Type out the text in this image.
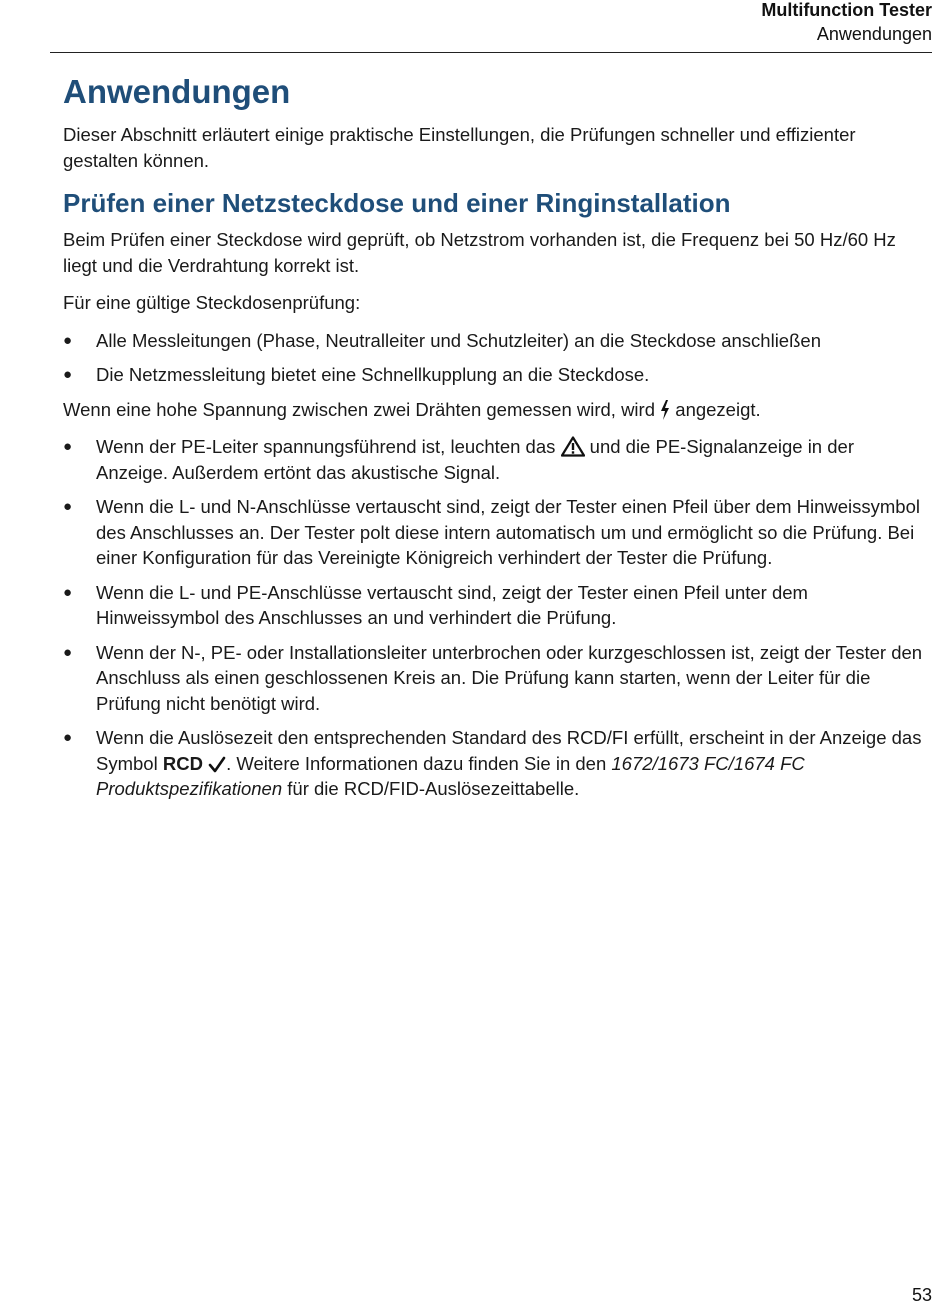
Multifunction Tester
Anwendungen
Anwendungen

Dieser Abschnitt erläutert einige praktische Einstellungen, die Prüfungen schneller und effizienter gestalten können.

Prüfen einer Netzsteckdose und einer Ringinstallation

Beim Prüfen einer Steckdose wird geprüft, ob Netzstrom vorhanden ist, die Frequenz bei 50 Hz/60 Hz liegt und die Verdrahtung korrekt ist.

Für eine gültige Steckdosenprüfung:

● Alle Messleitungen (Phase, Neutralleiter und Schutzleiter) an die Steckdose anschließen
● Die Netzmessleitung bietet eine Schnellkupplung an die Steckdose.

Wenn eine hohe Spannung zwischen zwei Drähten gemessen wird, wird angezeigt.

● Wenn der PE-Leiter spannungsführend ist, leuchten das und die PE-Signalanzeige in der Anzeige. Außerdem ertönt das akustische Signal.
● Wenn die L- und N-Anschlüsse vertauscht sind, zeigt der Tester einen Pfeil über dem Hinweissymbol des Anschlusses an. Der Tester polt diese intern automatisch um und ermöglicht so die Prüfung. Bei einer Konfiguration für das Vereinigte Königreich verhindert der Tester die Prüfung.
● Wenn die L- und PE-Anschlüsse vertauscht sind, zeigt der Tester einen Pfeil unter dem Hinweissymbol des Anschlusses an und verhindert die Prüfung.
● Wenn der N-, PE- oder Installationsleiter unterbrochen oder kurzgeschlossen ist, zeigt der Tester den Anschluss als einen geschlossenen Kreis an. Die Prüfung kann starten, wenn der Leiter für die Prüfung nicht benötigt wird.
● Wenn die Auslösezeit den entsprechenden Standard des RCD/FI erfüllt, erscheint in der Anzeige das Symbol RCD . Weitere Informationen dazu finden Sie in den 1672/1673 FC/1674 FC Produktspezifikationen für die RCD/FID-Auslösezeittabelle.
53
